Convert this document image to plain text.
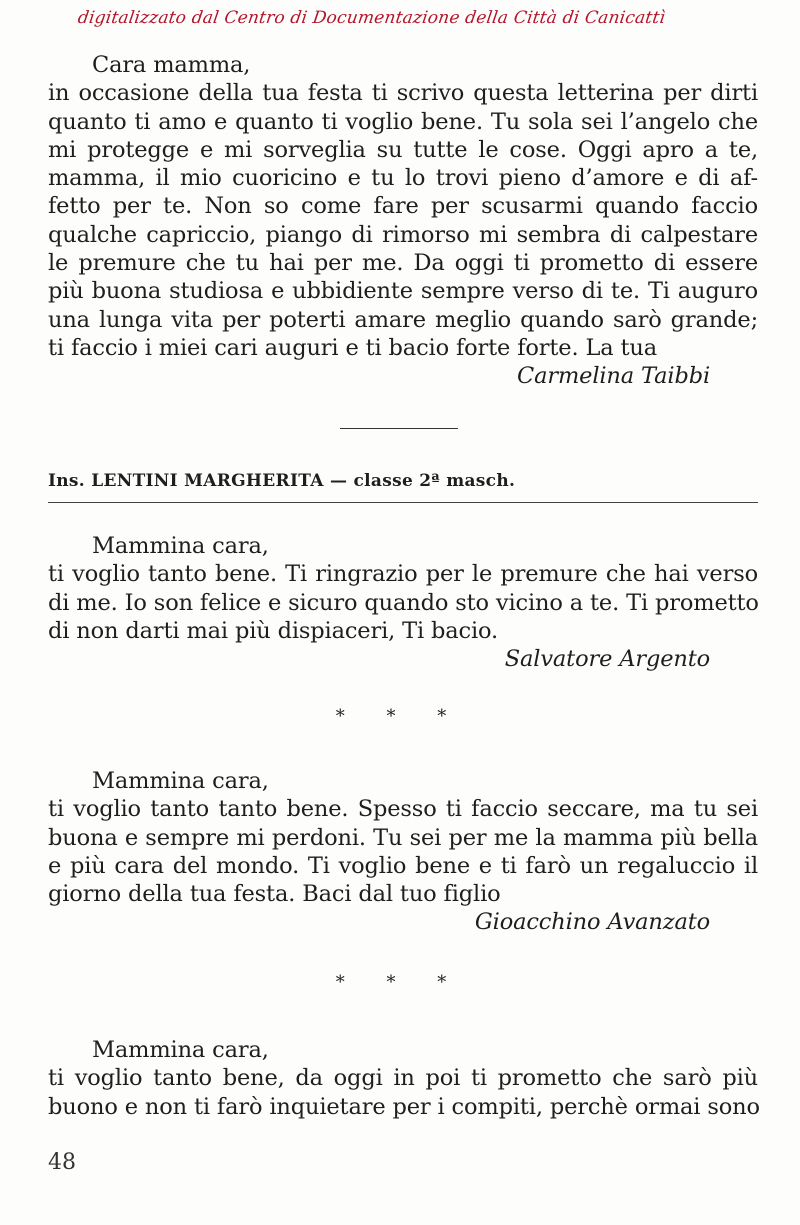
digitalizzato dal Centro di Documentazione della Città di Canicattì
Cara mamma,
in occasione della tua festa ti scrivo questa letterina per dirti
quanto ti amo e quanto ti voglio bene. Tu sola sei l’angelo che
mi protegge e mi sorveglia su tutte le cose. Oggi apro a te,
mamma, il mio cuoricino e tu lo trovi pieno d’amore e di af-
fetto per te. Non so come fare per scusarmi quando faccio
qualche capriccio, piango di rimorso mi sembra di calpestare
le premure che tu hai per me. Da oggi ti prometto di essere
più buona studiosa e ubbidiente sempre verso di te. Ti auguro
una lunga vita per poterti amare meglio quando sarò grande;
ti faccio i miei cari auguri e ti bacio forte forte. La tua
Carmelina Taibbi
Ins. LENTINI MARGHERITA — classe 2ª masch.
Mammina cara,
ti voglio tanto bene. Ti ringrazio per le premure che hai verso
di me. Io son felice e sicuro quando sto vicino a te. Ti prometto
di non darti mai più dispiaceri, Ti bacio.
Salvatore Argento
* * *
Mammina cara,
ti voglio tanto tanto bene. Spesso ti faccio seccare, ma tu sei
buona e sempre mi perdoni. Tu sei per me la mamma più bella
e più cara del mondo. Ti voglio bene e ti farò un regaluccio il
giorno della tua festa. Baci dal tuo figlio
Gioacchino Avanzato
* * *
Mammina cara,
ti voglio tanto bene, da oggi in poi ti prometto che sarò più
buono e non ti farò inquietare per i compiti, perchè ormai sono
48
